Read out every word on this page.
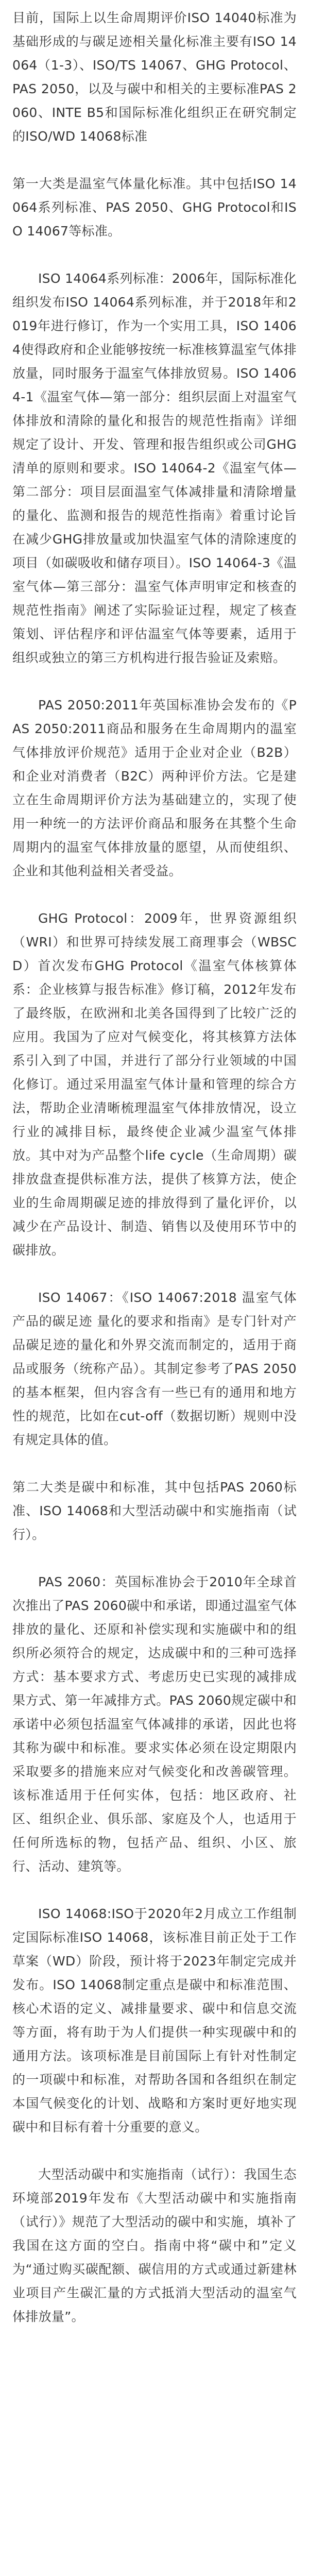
目前，国际上以生命周期评价ISO 14040标准为基础形成的与碳足迹相关量化标准主要有ISO 14064（1-3）、ISO/TS 14067、GHG Protocol、PAS 2050，以及与碳中和相关的主要标准PAS 2060、INTE B5和国际标准化组织正在研究制定的ISO/WD 14068标准

第一大类是温室气体量化标准。其中包括ISO 14064系列标准、PAS 2050、GHG Protocol和ISO 14067等标准。

ISO 14064系列标准：2006年，国际标准化组织发布ISO 14064系列标准，并于2018年和2019年进行修订，作为一个实用工具，ISO 14064使得政府和企业能够按统一标准核算温室气体排放量，同时服务于温室气体排放贸易。ISO 14064-1《温室气体—第一部分：组织层面上对温室气体排放和清除的量化和报告的规范性指南》详细规定了设计、开发、管理和报告组织或公司GHG清单的原则和要求。ISO 14064-2《温室气体—第二部分：项目层面温室气体减排量和清除增量的量化、监测和报告的规范性指南》着重讨论旨在减少GHG排放量或加快温室气体的清除速度的项目（如碳吸收和储存项目）。ISO 14064-3《温室气体—第三部分：温室气体声明审定和核查的规范性指南》阐述了实际验证过程，规定了核查策划、评估程序和评估温室气体等要素，适用于组织或独立的第三方机构进行报告验证及索赔。

PAS 2050:2011年英国标准协会发布的《PAS 2050:2011商品和服务在生命周期内的温室气体排放评价规范》适用于企业对企业（B2B）和企业对消费者（B2C）两种评价方法。它是建立在生命周期评价方法为基础建立的，实现了使用一种统一的方法评价商品和服务在其整个生命周期内的温室气体排放量的愿望，从而使组织、企业和其他利益相关者受益。

GHG Protocol：2009年，世界资源组织（WRI）和世界可持续发展工商理事会（WBSCD）首次发布GHG Protocol《温室气体核算体系：企业核算与报告标准》修订稿，2012年发布了最终版，在欧洲和北美各国得到了比较广泛的应用。我国为了应对气候变化，将其核算方法体系引入到了中国，并进行了部分行业领域的中国化修订。通过采用温室气体计量和管理的综合方法，帮助企业清晰梳理温室气体排放情况，设立行业的减排目标，最终使企业减少温室气体排放。其中对为产品整个life cycle（生命周期）碳排放盘查提供标准方法，提供了核算方法，使企业的生命周期碳足迹的排放得到了量化评价，以减少在产品设计、制造、销售以及使用环节中的碳排放。

ISO 14067：《ISO 14067:2018 温室气体 产品的碳足迹 量化的要求和指南》是专门针对产品碳足迹的量化和外界交流而制定的，适用于商品或服务（统称产品）。其制定参考了PAS 2050的基本框架，但内容含有一些已有的通用和地方性的规范，比如在cut-off（数据切断）规则中没有规定具体的值。

第二大类是碳中和标准，其中包括PAS 2060标准、ISO 14068和大型活动碳中和实施指南（试行）。

PAS 2060：英国标准协会于2010年全球首次推出了PAS 2060碳中和承诺，即通过温室气体排放的量化、还原和补偿实现和实施碳中和的组织所必须符合的规定，达成碳中和的三种可选择方式：基本要求方式、考虑历史已实现的减排成果方式、第一年减排方式。PAS 2060规定碳中和承诺中必须包括温室气体减排的承诺，因此也将其称为碳中和标准。要求实体必须在设定期限内采取要多的措施来应对气候变化和改善碳管理。该标准适用于任何实体，包括：地区政府、社区、组织企业、俱乐部、家庭及个人，也适用于任何所选标的物，包括产品、组织、小区、旅行、活动、建筑等。

ISO 14068:ISO于2020年2月成立工作组制定国际标准ISO 14068，该标准目前正处于工作草案（WD）阶段，预计将于2023年制定完成并发布。ISO 14068制定重点是碳中和标准范围、核心术语的定义、减排量要求、碳中和信息交流等方面，将有助于为人们提供一种实现碳中和的通用方法。该项标准是目前国际上有针对性制定的一项碳中和标准，对帮助各国和各组织在制定本国气候变化的计划、战略和方案时更好地实现碳中和目标有着十分重要的意义。

大型活动碳中和实施指南（试行）：我国生态环境部2019年发布《大型活动碳中和实施指南（试行）》规范了大型活动的碳中和实施，填补了我国在这方面的空白。指南中将“碳中和”定义为“通过购买碳配额、碳信用的方式或通过新建林业项目产生碳汇量的方式抵消大型活动的温室气体排放量”。
